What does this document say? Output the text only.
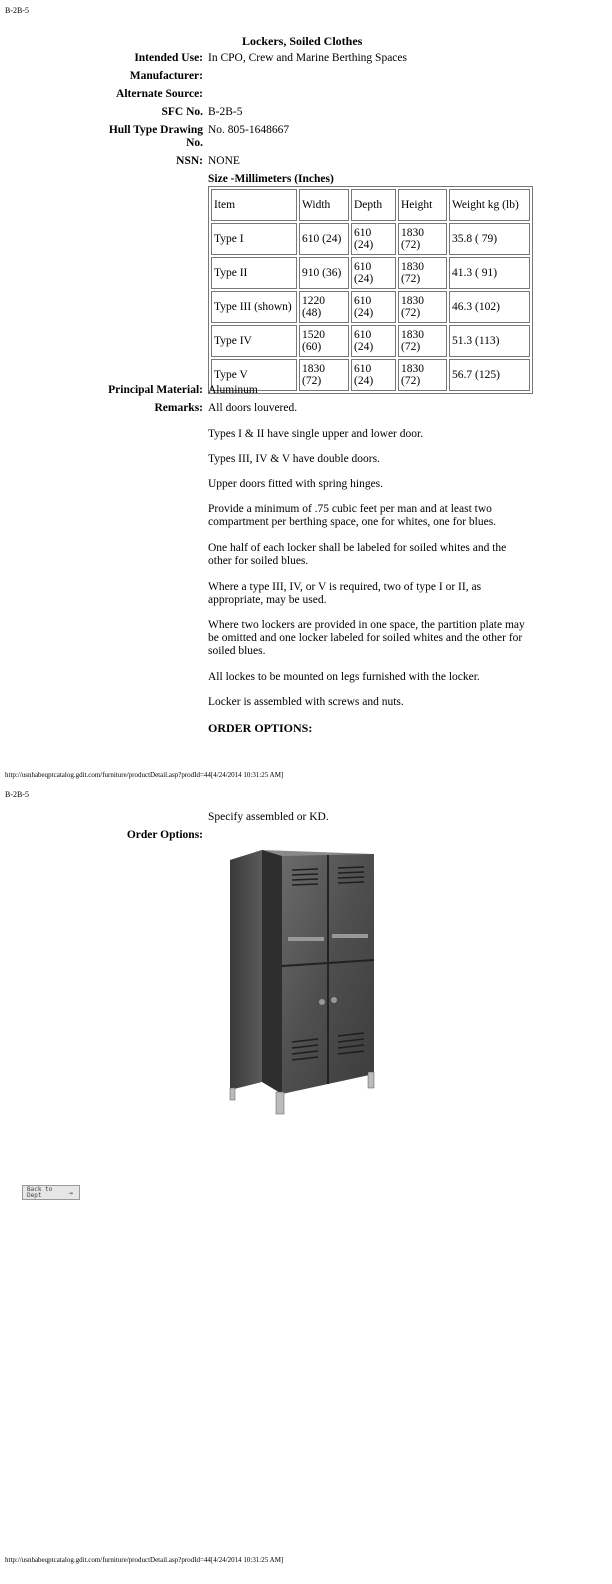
B-2B-5
Lockers, Soiled Clothes
Intended Use: In CPO, Crew and Marine Berthing Spaces
Manufacturer:
Alternate Source:
SFC No. B-2B-5
Hull Type Drawing
No.
No. 805-1648667
NSN: NONE
Size -Millimeters (Inches)
Item	Width	Depth	Height	Weight kg (lb)
Type I	610 (24)	610 (24)	1830 (72)	35.8 ( 79)
Type II	910 (36)	610 (24)	1830 (72)	41.3 ( 91)
Type III (shown)	1220 (48)	610 (24)	1830 (72)	46.3 (102)
Type IV	1520 (60)	610 (24)	1830 (72)	51.3 (113)
Type V	1830 (72)	610 (24)	1830 (72)	56.7 (125)
Principal Material: Aluminum
Remarks: All doors louvered.
Types I & II have single upper and lower door.
Types III, IV & V have double doors.
Upper doors fitted with spring hinges.
Provide a minimum of .75 cubic feet per man and at least two compartment per berthing space, one for whites, one for blues.
One half of each locker shall be labeled for soiled whites and the other for soiled blues.
Where a type III, IV, or V is required, two of type I or II, as appropriate, may be used.
Where two lockers are provided in one space, the partition plate may be omitted and one locker labeled for soiled whites and the other for soiled blues.
All lockes to be mounted on legs furnished with the locker.
Locker is assembled with screws and nuts.
ORDER OPTIONS:
http://usnhabeqptcatalog.gdit.com/furniture/productDetail.asp?prodId=44[4/24/2014 10:31:25 AM]
B-2B-5
Specify assembled or KD.
Order Options:
Back to
Dept	→
http://usnhabeqptcatalog.gdit.com/furniture/productDetail.asp?prodId=44[4/24/2014 10:31:25 AM]
